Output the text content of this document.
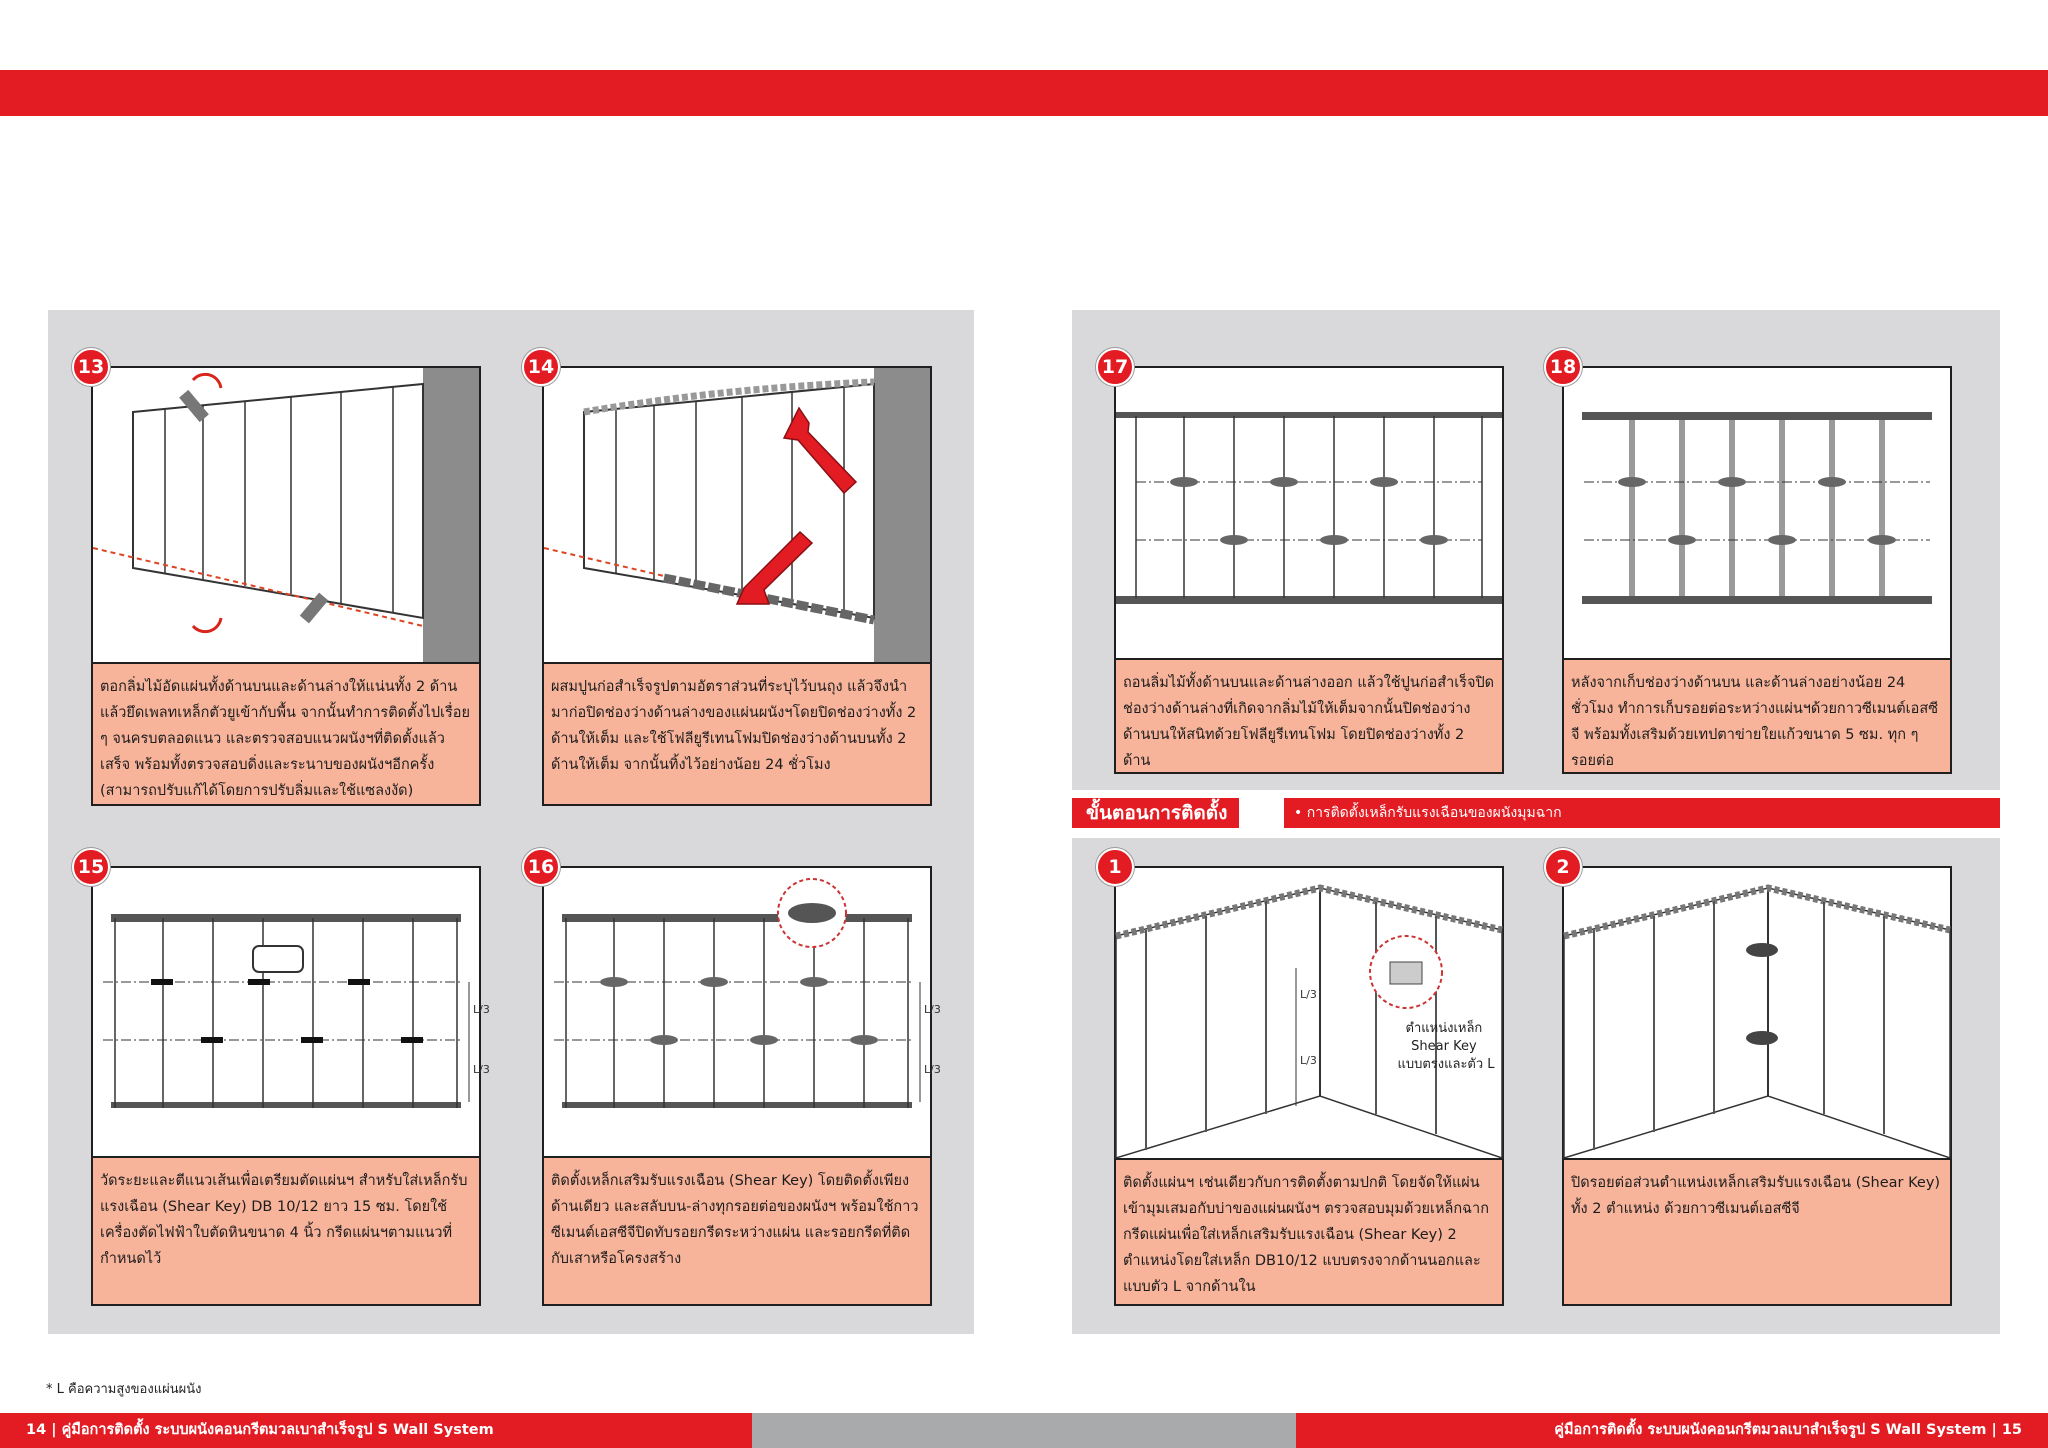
13
ตอกลิ่มไม้อัดแผ่นทั้งด้านบนและด้านล่างให้แน่นทั้ง 2 ด้าน แล้วยึดเพลทเหล็กตัวยูเข้ากับพื้น จากนั้นทำการติดตั้งไปเรื่อย ๆ จนครบตลอดแนว และตรวจสอบแนวผนังฯที่ติดตั้งแล้วเสร็จ พร้อมทั้งตรวจสอบดิ่งและระนาบของผนังฯอีกครั้ง (สามารถปรับแก้ได้โดยการปรับลิ่มและใช้แซลงงัด)
14
ผสมปูนก่อสำเร็จรูปตามอัตราส่วนที่ระบุไว้บนถุง แล้วจึงนำมาก่อปิดช่องว่างด้านล่างของแผ่นผนังฯโดยปิดช่องว่างทั้ง 2 ด้านให้เต็ม และใช้โฟลียูรีเทนโฟมปิดช่องว่างด้านบนทั้ง 2 ด้านให้เต็ม จากนั้นทิ้งไว้อย่างน้อย 24 ชั่วโมง
15
L/3
L/3
วัดระยะและตีแนวเส้นเพื่อเตรียมตัดแผ่นฯ สำหรับใส่เหล็กรับแรงเฉือน (Shear Key) DB 10/12 ยาว 15 ซม. โดยใช้เครื่องตัดไฟฟ้าใบตัดหินขนาด 4 นิ้ว กรีดแผ่นฯตามแนวที่กำหนดไว้
16
L/3
L/3
ติดตั้งเหล็กเสริมรับแรงเฉือน (Shear Key) โดยติดตั้งเพียงด้านเดียว และสลับบน-ล่างทุกรอยต่อของผนังฯ พร้อมใช้กาวซีเมนต์เอสซีจีปิดทับรอยกรีดระหว่างแผ่น และรอยกรีดที่ติดกับเสาหรือโครงสร้าง
17
ถอนลิ่มไม้ทั้งด้านบนและด้านล่างออก แล้วใช้ปูนก่อสำเร็จปิดช่องว่างด้านล่างที่เกิดจากลิ่มไม้ให้เต็มจากนั้นปิดช่องว่างด้านบนให้สนิทด้วยโฟลียูรีเทนโฟม โดยปิดช่องว่างทั้ง 2 ด้าน
18
หลังจากเก็บช่องว่างด้านบน และด้านล่างอย่างน้อย 24 ชั่วโมง ทำการเก็บรอยต่อระหว่างแผ่นฯด้วยกาวซีเมนต์เอสซีจี พร้อมทั้งเสริมด้วยเทปตาข่ายใยแก้วขนาด 5 ซม. ทุก ๆรอยต่อ
ขั้นตอนการติดตั้ง	• การติดตั้งเหล็กรับแรงเฉือนของผนังมุมฉาก
1
ตำแหน่งเหล็ก Shear Key แบบตรงและตัว L
L/3
L/3
ติดตั้งแผ่นฯ เช่นเดียวกับการติดตั้งตามปกติ โดยจัดให้แผ่นเข้ามุมเสมอกับบ่าของแผ่นผนังฯ ตรวจสอบมุมด้วยเหล็กฉาก กรีดแผ่นเพื่อใส่เหล็กเสริมรับแรงเฉือน (Shear Key) 2 ตำแหน่งโดยใส่เหล็ก DB10/12 แบบตรงจากด้านนอกและแบบตัว L จากด้านใน
2
ปิดรอยต่อส่วนตำแหน่งเหล็กเสริมรับแรงเฉือน (Shear Key) ทั้ง 2 ตำแหน่ง ด้วยกาวซีเมนต์เอสซีจี
* L คือความสูงของแผ่นผนัง
14 | คู่มือการติดตั้ง ระบบผนังคอนกรีตมวลเบาสำเร็จรูป S Wall System	คู่มือการติดตั้ง ระบบผนังคอนกรีตมวลเบาสำเร็จรูป S Wall System | 15
